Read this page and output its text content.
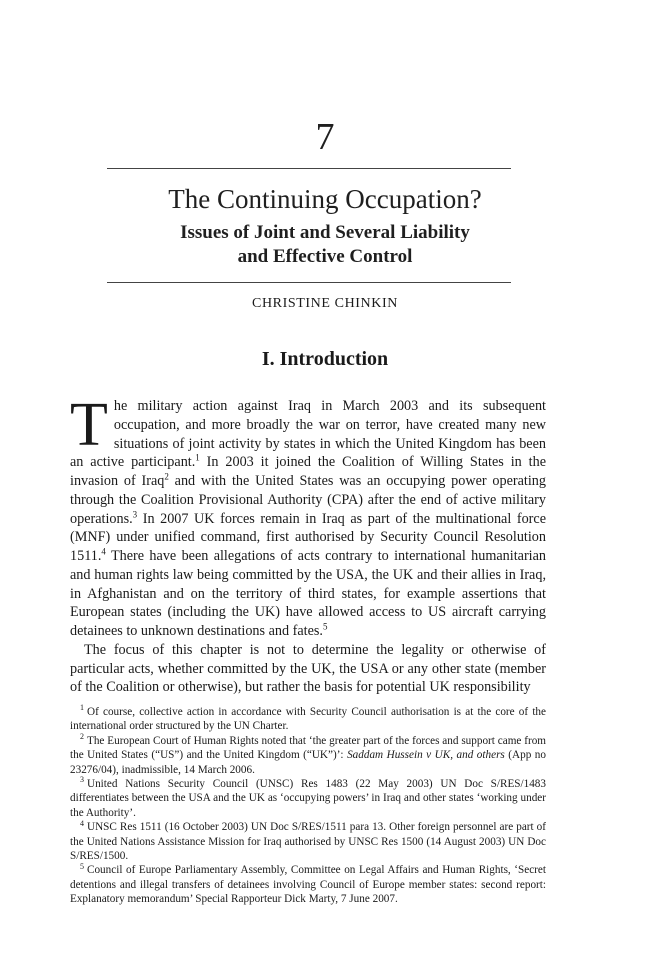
7
The Continuing Occupation?
Issues of Joint and Several Liability
and Effective Control
CHRISTINE CHINKIN
I. Introduction

The military action against Iraq in March 2003 and its subsequent occupation, and more broadly the war on terror, have created many new situations of joint activity by states in which the United Kingdom has been an active participant.$^1$ In 2003 it joined the Coalition of Willing States in the invasion of Iraq$^2$ and with the United States was an occupying power operating through the Coalition Provisional Authority (CPA) after the end of active military operations.$^3$ In 2007 UK forces remain in Iraq as part of the multinational force (MNF) under unified command, first authorised by Security Council Resolution 1511.$^4$ There have been allegations of acts contrary to international humanitarian and human rights law being committed by the USA, the UK and their allies in Iraq, in Afghanistan and on the territory of third states, for example assertions that European states (including the UK) have allowed access to US aircraft carrying detainees to unknown destinations and fates.$^5$

The focus of this chapter is not to determine the legality or otherwise of particular acts, whether committed by the UK, the USA or any other state (member of the Coalition or otherwise), but rather the basis for potential UK responsibility

$^1$ Of course, collective action in accordance with Security Council authorisation is at the core of the international order structured by the UN Charter.

$^2$ The European Court of Human Rights noted that ‘the greater part of the forces and support came from the United States (“US”) and the United Kingdom (“UK”)’: Saddam Hussein v UK, and others (App no 23276/04), inadmissible, 14 March 2006.

$^3$ United Nations Security Council (UNSC) Res 1483 (22 May 2003) UN Doc S/RES/1483 differentiates between the USA and the UK as ‘occupying powers’ in Iraq and other states ‘working under the Authority’.

$^4$ UNSC Res 1511 (16 October 2003) UN Doc S/RES/1511 para 13. Other foreign personnel are part of the United Nations Assistance Mission for Iraq authorised by UNSC Res 1500 (14 August 2003) UN Doc S/RES/1500.

$^5$ Council of Europe Parliamentary Assembly, Committee on Legal Affairs and Human Rights, ‘Secret detentions and illegal transfers of detainees involving Council of Europe member states: second report: Explanatory memorandum’ Special Rapporteur Dick Marty, 7 June 2007.
